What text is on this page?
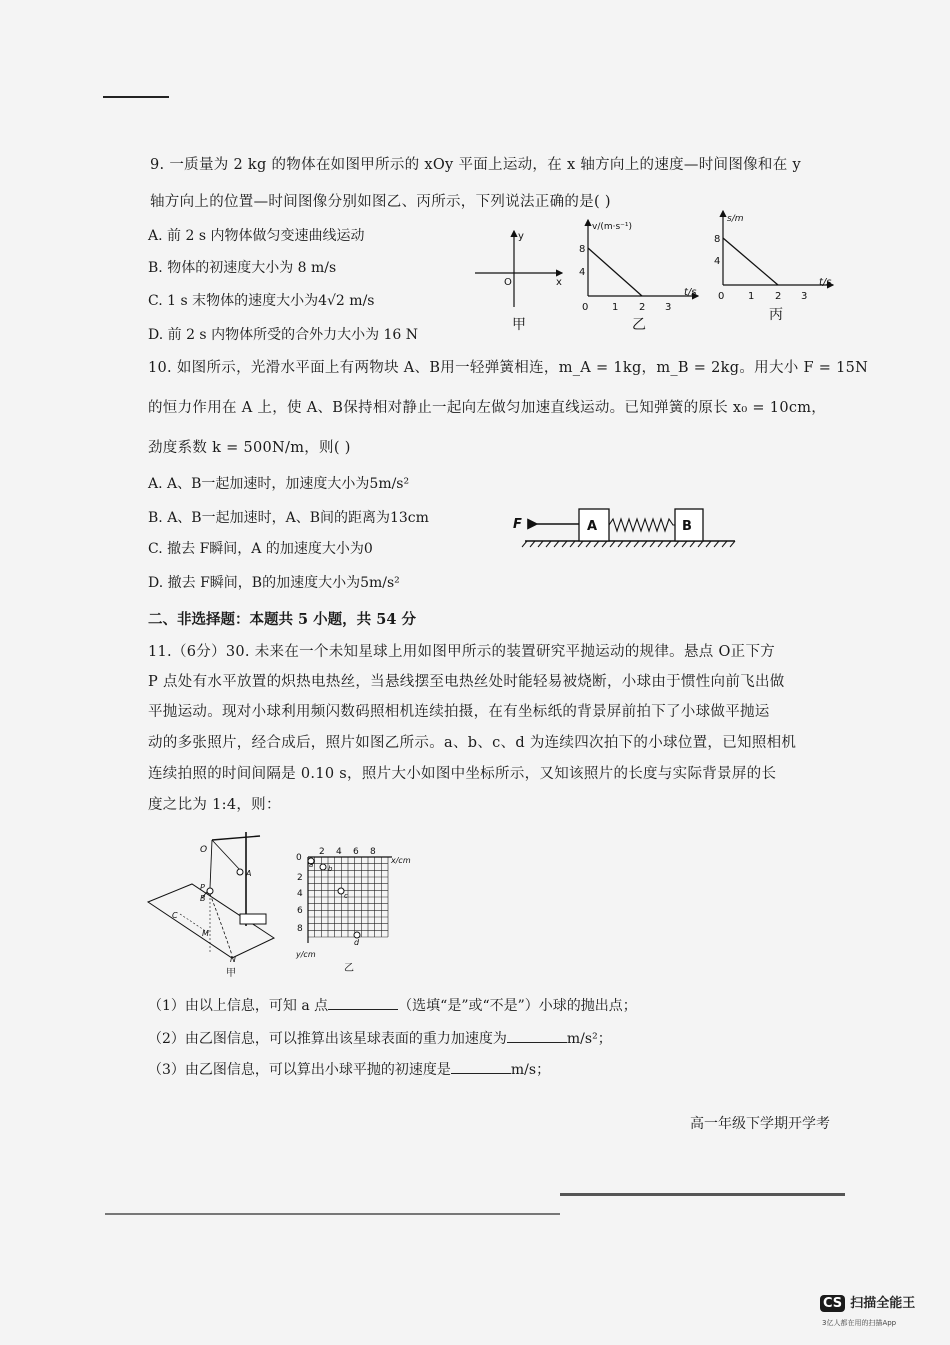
9. 一质量为 2 kg 的物体在如图甲所示的 xOy 平面上运动，在 x 轴方向上的速度—时间图像和在 y
轴方向上的位置—时间图像分别如图乙、丙所示，下列说法正确的是( )
A. 前 2 s 内物体做匀变速曲线运动
B. 物体的初速度大小为 8 m/s
C. 1 s 末物体的速度大小为4√2 m/s
D. 前 2 s 内物体所受的合外力大小为 16 N
y
x
O
甲
v/(m·s⁻¹)
t/s
8
4
0 1 2 3
乙
s/m
t/s
8
4
0 1 2 3
丙
10. 如图所示，光滑水平面上有两物块 A、B用一轻弹簧相连，m_A = 1kg，m_B = 2kg。用大小 F = 15N
的恒力作用在 A 上，使 A、B保持相对静止一起向左做匀加速直线运动。已知弹簧的原长 x₀ = 10cm，
劲度系数 k = 500N/m，则( )
A. A、B一起加速时，加速度大小为5m/s²
B. A、B一起加速时，A、B间的距离为13cm
C. 撤去 F瞬间，A 的加速度大小为0
D. 撤去 F瞬间，B的加速度大小为5m/s²
A	B
F
二、非选择题：本题共 5 小题，共 54 分
11.（6分）30. 未来在一个未知星球上用如图甲所示的装置研究平抛运动的规律。悬点 O正下方
P 点处有水平放置的炽热电热丝，当悬线摆至电热丝处时能轻易被烧断，小球由于惯性向前飞出做
平抛运动。现对小球利用频闪数码照相机连续拍摄，在有坐标纸的背景屏前拍下了小球做平抛运
动的多张照片，经合成后，照片如图乙所示。a、b、c、d 为连续四次拍下的小球位置，已知照相机
连续拍照的时间间隔是 0.10 s，照片大小如图中坐标所示，又知该照片的长度与实际背景屏的长
度之比为 1:4，则：
O
A
P
B
C
M
N
甲
0
2 4 6 8
x/cm
2
4
6
8
y/cm
a b
c
d
乙
（1）由以上信息，可知 a 点	（选填“是”或“不是”）小球的抛出点；
（2）由乙图信息，可以推算出该星球表面的重力加速度为	m/s²；
（3）由乙图信息，可以算出小球平抛的初速度是	m/s；
高一年级下学期开学考
CS 扫描全能王
3亿人都在用的扫描App
